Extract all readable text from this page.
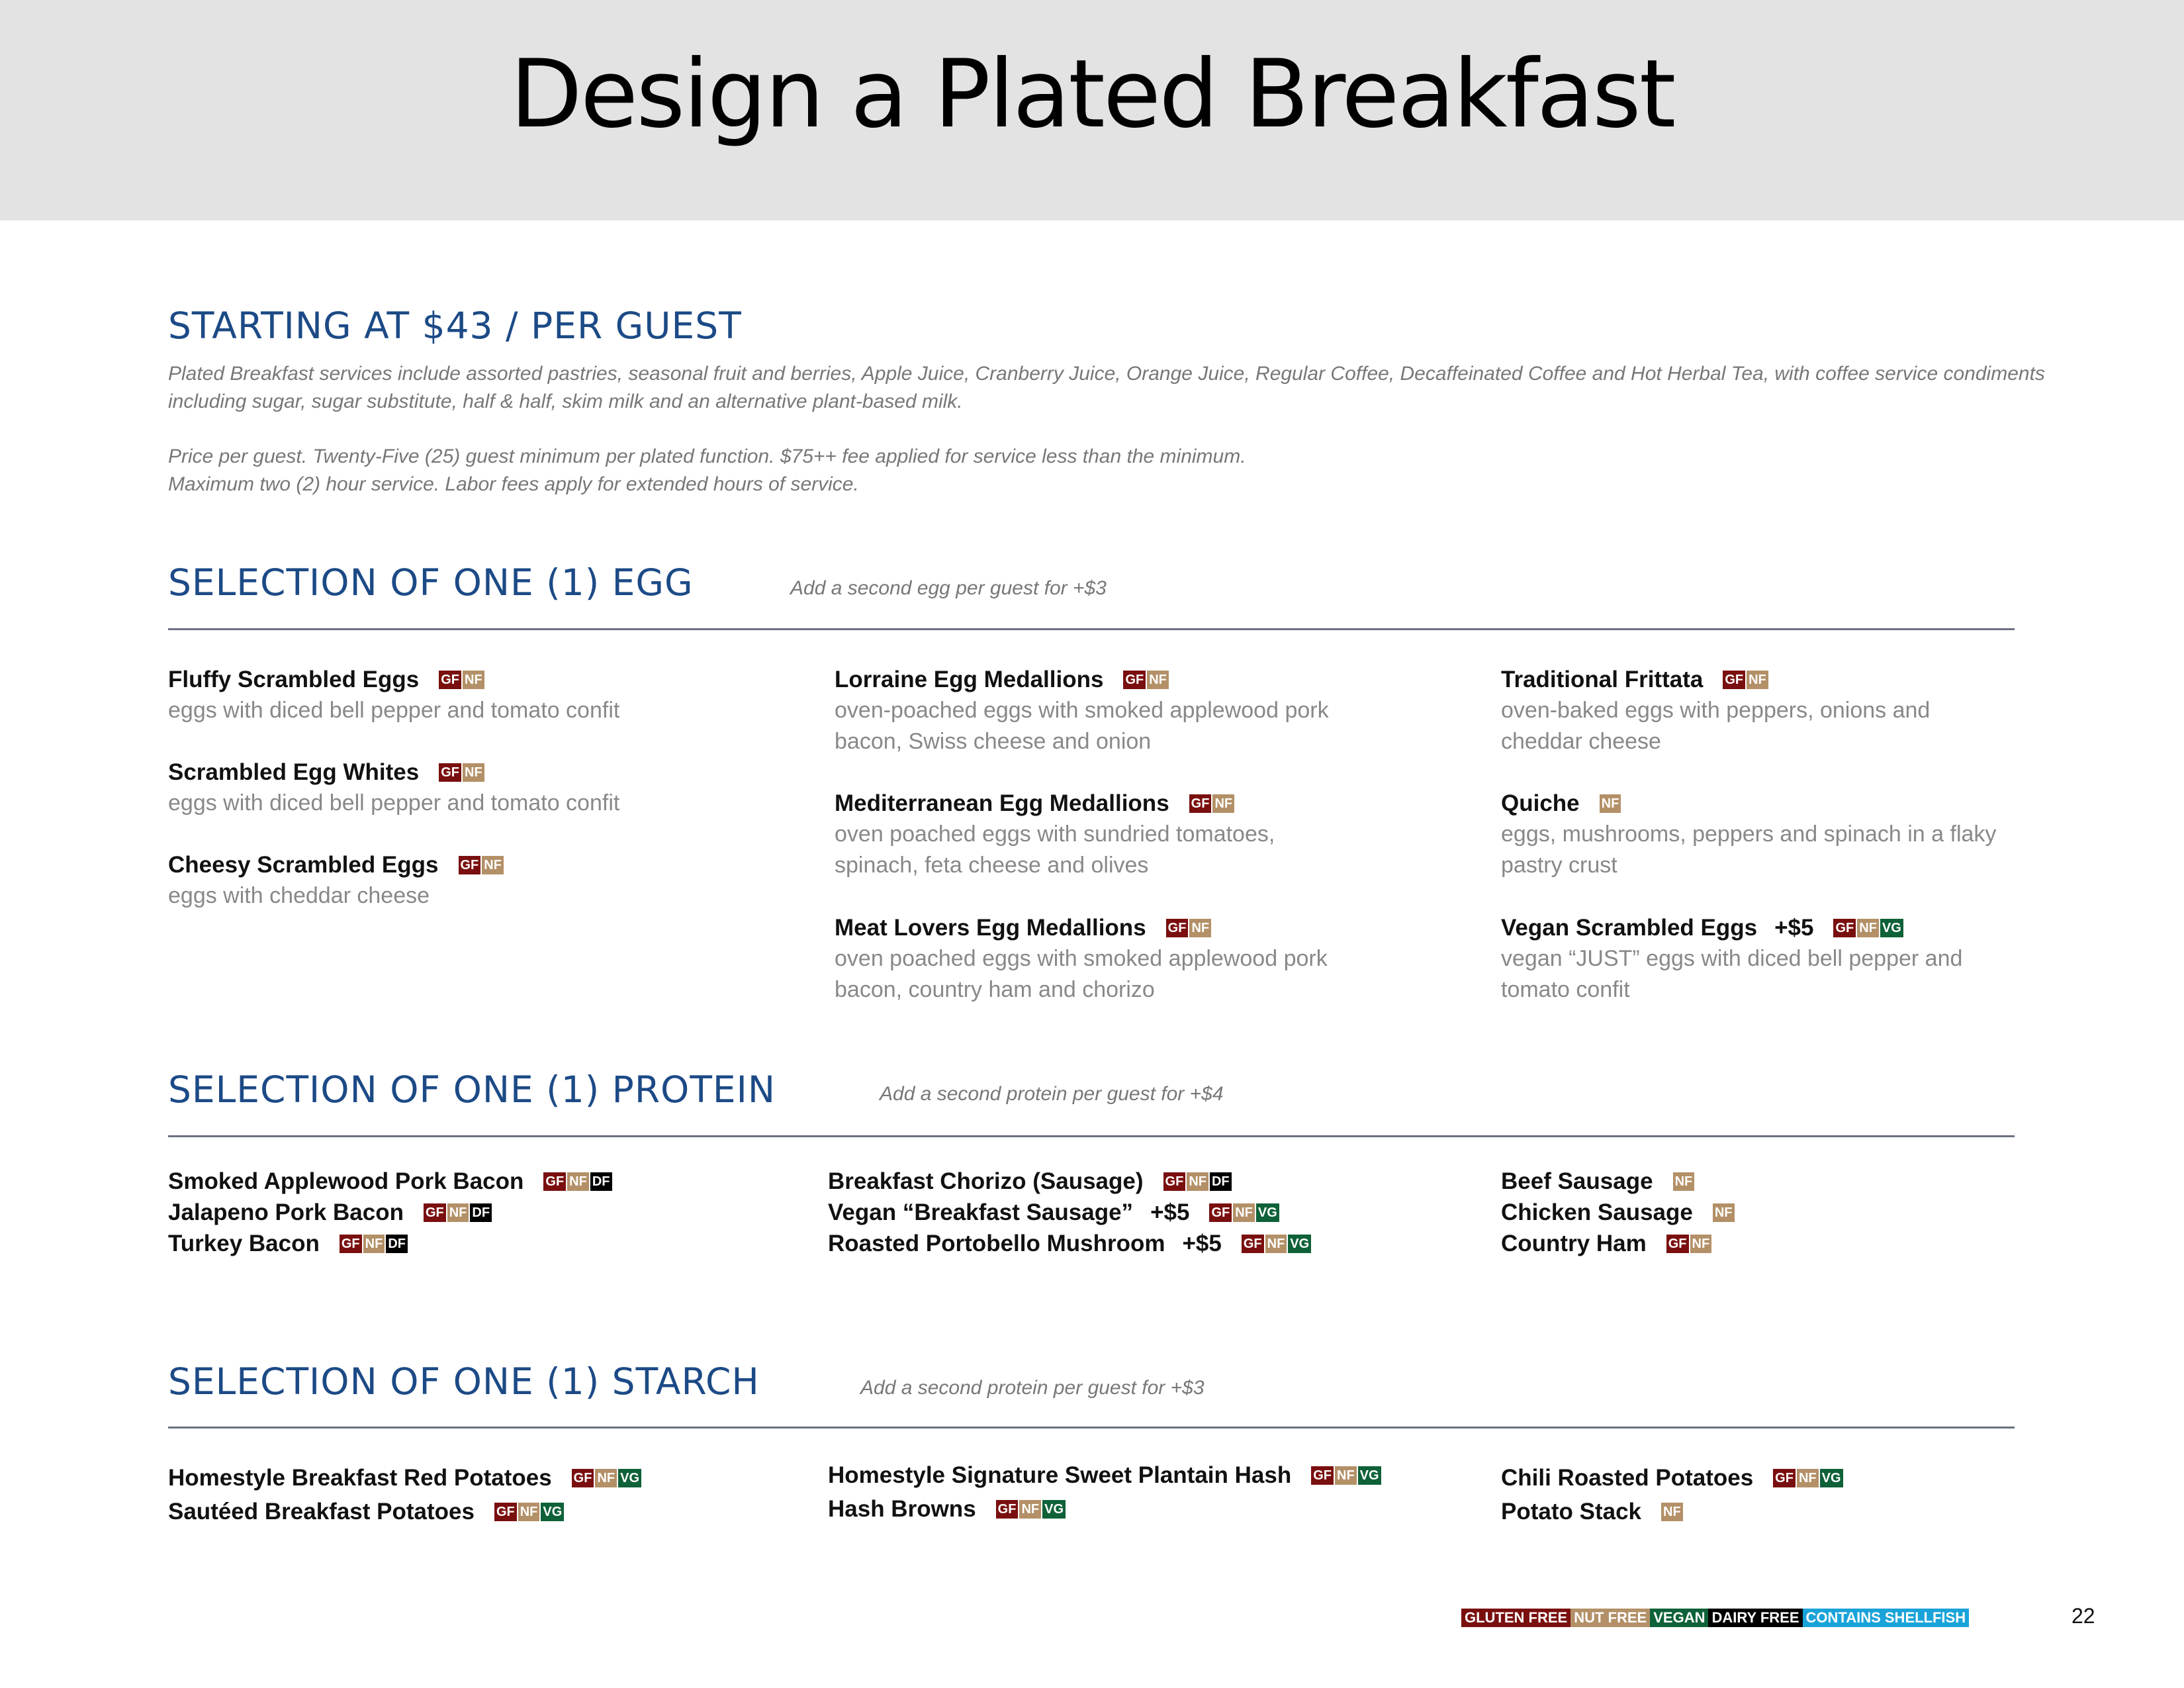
Design a Plated Breakfast
STARTING AT $43 / PER GUEST
Plated Breakfast services include assorted pastries, seasonal fruit and berries, Apple Juice, Cranberry Juice, Orange Juice, Regular Coffee, Decaffeinated Coffee and Hot Herbal Tea, with coffee service condiments including sugar, sugar substitute, half & half, skim milk and an alternative plant-based milk.
Price per guest. Twenty-Five (25) guest minimum per plated function. $75++ fee applied for service less than the minimum.
Maximum two (2) hour service. Labor fees apply for extended hours of service.
SELECTION OF ONE (1) EGG	Add a second egg per guest for +$3
Fluffy Scrambled Eggs GF NF
eggs with diced bell pepper and tomato confit
Scrambled Egg Whites GF NF
eggs with diced bell pepper and tomato confit
Cheesy Scrambled Eggs GF NF
eggs with cheddar cheese
Lorraine Egg Medallions GF NF
oven-poached eggs with smoked applewood pork bacon, Swiss cheese and onion
Mediterranean Egg Medallions GF NF
oven poached eggs with sundried tomatoes, spinach, feta cheese and olives
Meat Lovers Egg Medallions GF NF
oven poached eggs with smoked applewood pork bacon, country ham and chorizo
Traditional Frittata GF NF
oven-baked eggs with peppers, onions and cheddar cheese
Quiche NF
eggs, mushrooms, peppers and spinach in a flaky pastry crust
Vegan Scrambled Eggs +$5 GF NF VG
vegan “JUST” eggs with diced bell pepper and tomato confit
SELECTION OF ONE (1) PROTEIN	Add a second protein per guest for +$4
Smoked Applewood Pork Bacon GF NF DF
Jalapeno Pork Bacon GF NF DF
Turkey Bacon GF NF DF
Breakfast Chorizo (Sausage) GF NF DF
Vegan “Breakfast Sausage” +$5 GF NF VG
Roasted Portobello Mushroom +$5 GF NF VG
Beef Sausage NF
Chicken Sausage NF
Country Ham GF NF
SELECTION OF ONE (1) STARCH	Add a second protein per guest for +$3
Homestyle Breakfast Red Potatoes GF NF VG
Sautéed Breakfast Potatoes GF NF VG
Homestyle Signature Sweet Plantain Hash GF NF VG
Hash Browns GF NF VG
Chili Roasted Potatoes GF NF VG
Potato Stack NF
GLUTEN FREE NUT FREE VEGAN DAIRY FREE CONTAINS SHELLFISH	22
